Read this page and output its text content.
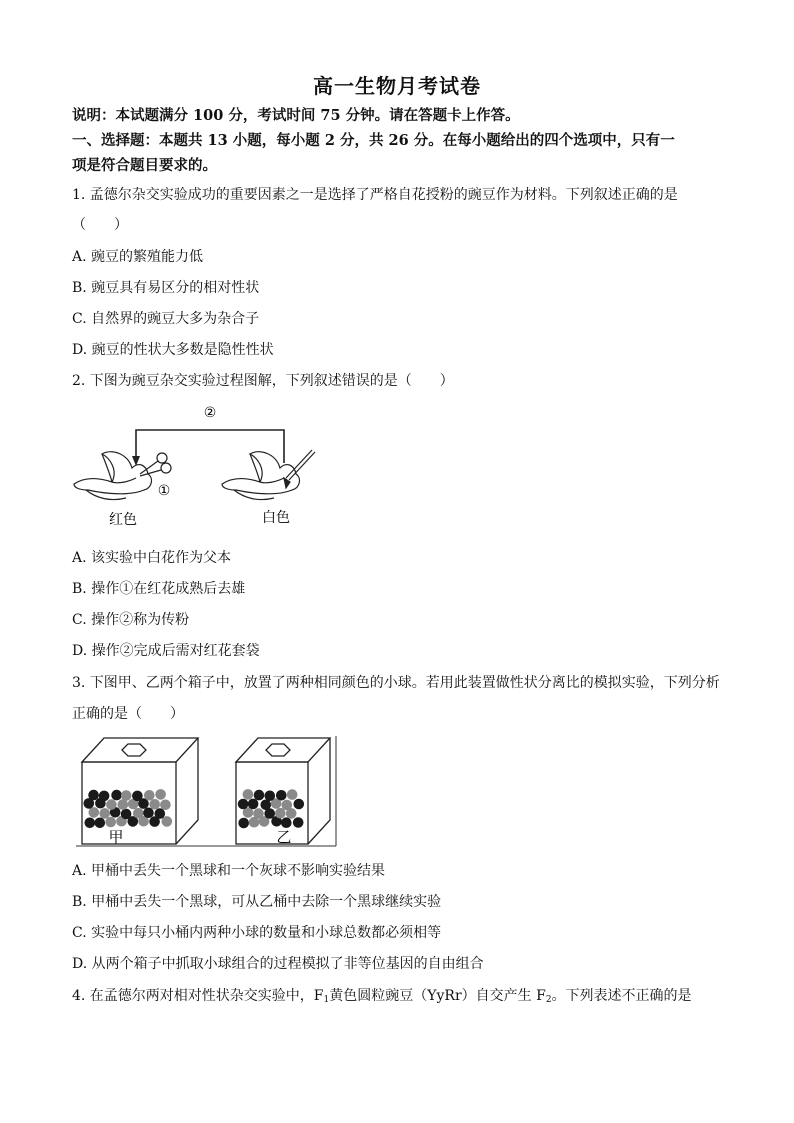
高一生物月考试卷
说明：本试题满分 100 分，考试时间 75 分钟。请在答题卡上作答。
一、选择题：本题共 13 小题，每小题 2 分，共 26 分。在每小题给出的四个选项中，只有一
项是符合题目要求的。
1. 孟德尔杂交实验成功的重要因素之一是选择了严格自花授粉的豌豆作为材料。下列叙述正确的是
（　　）
A. 豌豆的繁殖能力低
B. 豌豆具有易区分的相对性状
C. 自然界的豌豆大多为杂合子
D. 豌豆的性状大多数是隐性性状
2. 下图为豌豆杂交实验过程图解，下列叙述错误的是（　　）
②
①
红色	白色
A. 该实验中白花作为父本
B. 操作①在红花成熟后去雄
C. 操作②称为传粉
D. 操作②完成后需对红花套袋
3. 下图甲、乙两个箱子中，放置了两种相同颜色的小球。若用此装置做性状分离比的模拟实验，下列分析
正确的是（　　）
甲	乙
A. 甲桶中丢失一个黑球和一个灰球不影响实验结果
B. 甲桶中丢失一个黑球，可从乙桶中去除一个黑球继续实验
C. 实验中每只小桶内两种小球的数量和小球总数都必须相等
D. 从两个箱子中抓取小球组合的过程模拟了非等位基因的自由组合
4. 在孟德尔两对相对性状杂交实验中，$F_1$黄色圆粒豌豆（YyRr）自交产生 $F_2$。下列表述不正确的是
